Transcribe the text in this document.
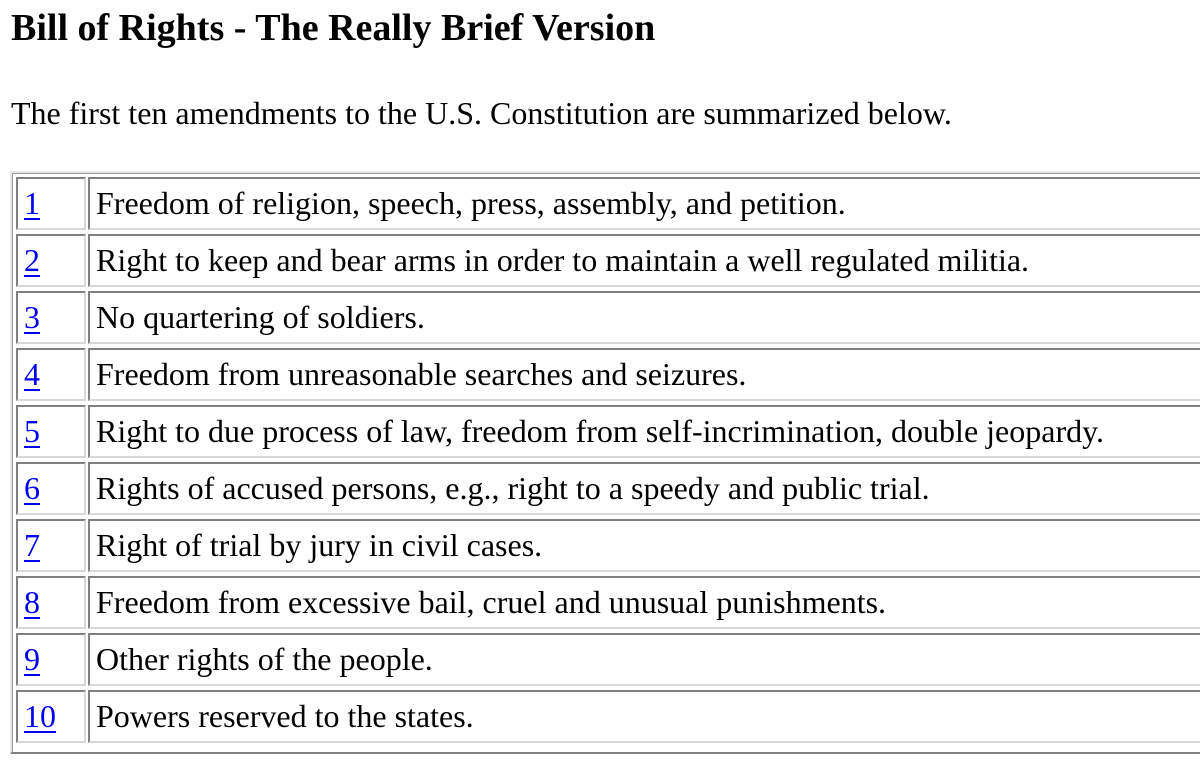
Bill of Rights - The Really Brief Version

The first ten amendments to the U.S. Constitution are summarized below.

1	Freedom of religion, speech, press, assembly, and petition.
2	Right to keep and bear arms in order to maintain a well regulated militia.
3	No quartering of soldiers.
4	Freedom from unreasonable searches and seizures.
5	Right to due process of law, freedom from self-incrimination, double jeopardy.
6	Rights of accused persons, e.g., right to a speedy and public trial.
7	Right of trial by jury in civil cases.
8	Freedom from excessive bail, cruel and unusual punishments.
9	Other rights of the people.
10	Powers reserved to the states.
